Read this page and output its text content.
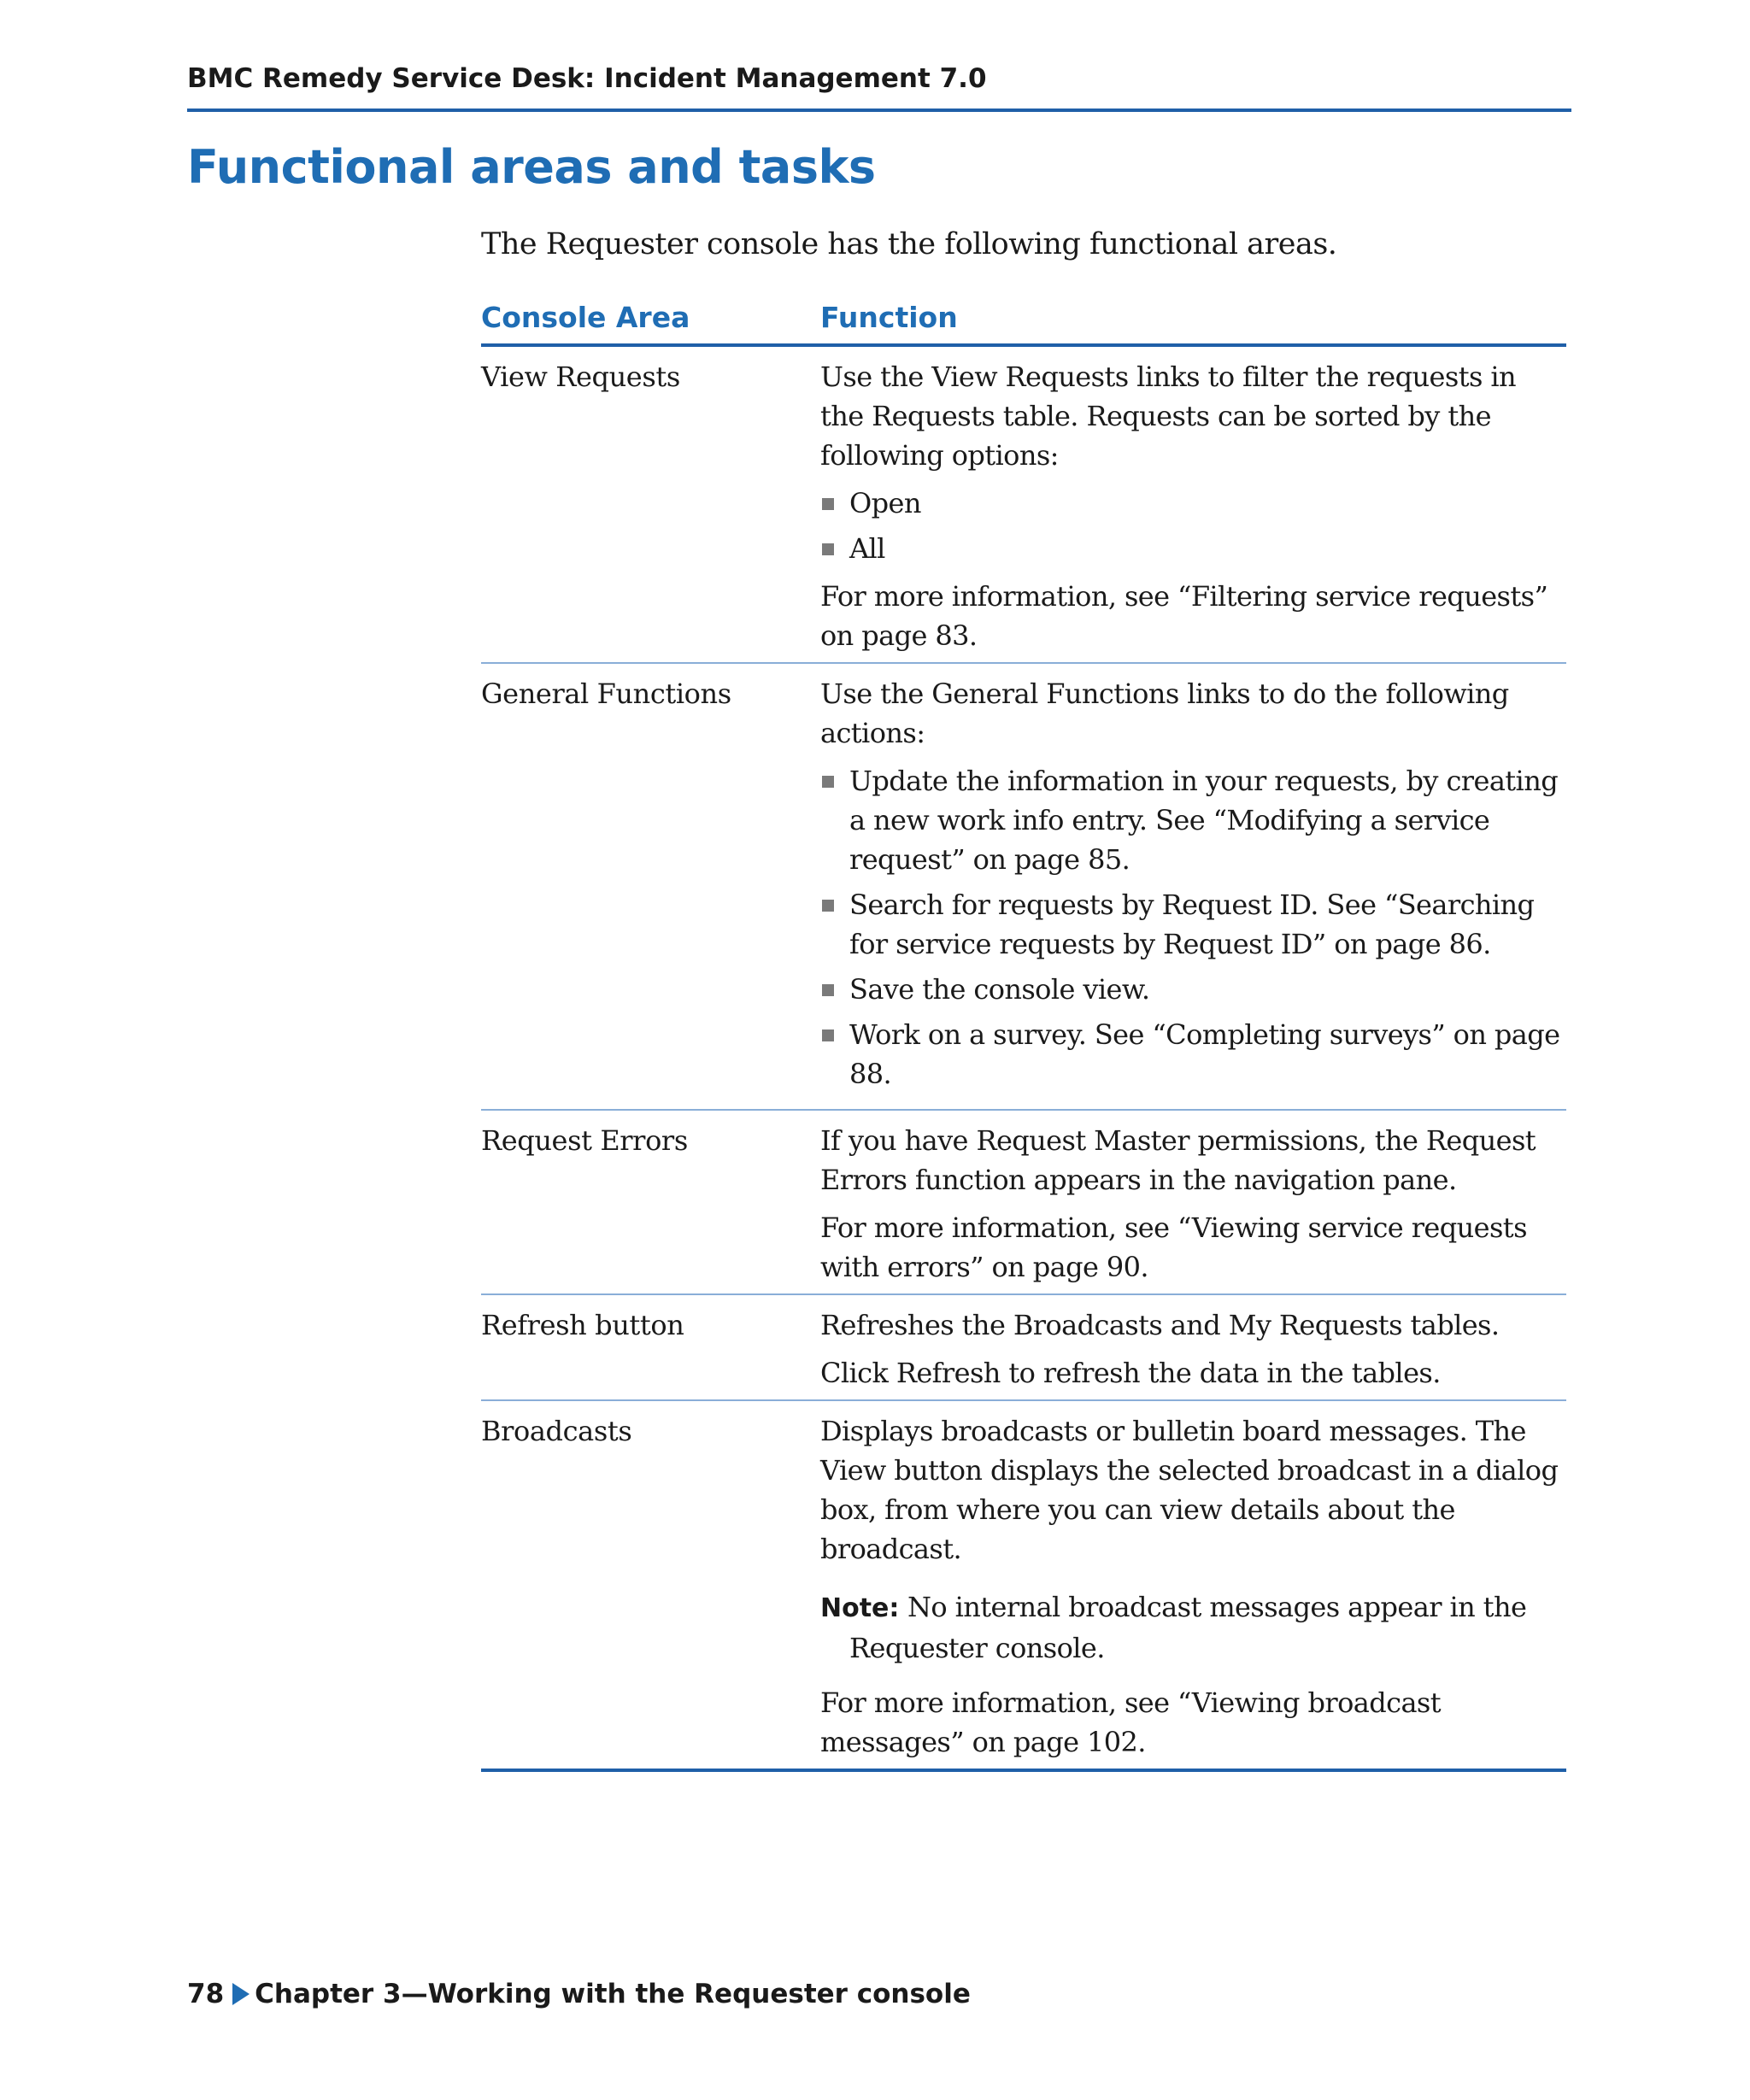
BMC Remedy Service Desk: Incident Management 7.0
Functional areas and tasks

The Requester console has the following functional areas.

Console Area	Function
View Requests	Use the View Requests links to filter the requests in the Requests table. Requests can be sorted by the following options:

Open
All

For more information, see “Filtering service requests” on page 83.

General Functions	Use the General Functions links to do the following actions:

Update the information in your requests, by creating a new work info entry. See “Modifying a service request” on page 85.
Search for requests by Request ID. See “Searching for service requests by Request ID” on page 86.
Save the console view.
Work on a survey. See “Completing surveys” on page 88.
Request Errors	If you have Request Master permissions, the Request Errors function appears in the navigation pane.

For more information, see “Viewing service requests with errors” on page 90.

Refresh button	Refreshes the Broadcasts and My Requests tables.

Click Refresh to refresh the data in the tables.

Broadcasts	Displays broadcasts or bulletin board messages. The View button displays the selected broadcast in a dialog box, from where you can view details about the broadcast.

Note: No internal broadcast messages appear in the Requester console.

For more information, see “Viewing broadcast messages” on page 102.

78 Chapter 3—Working with the Requester console
